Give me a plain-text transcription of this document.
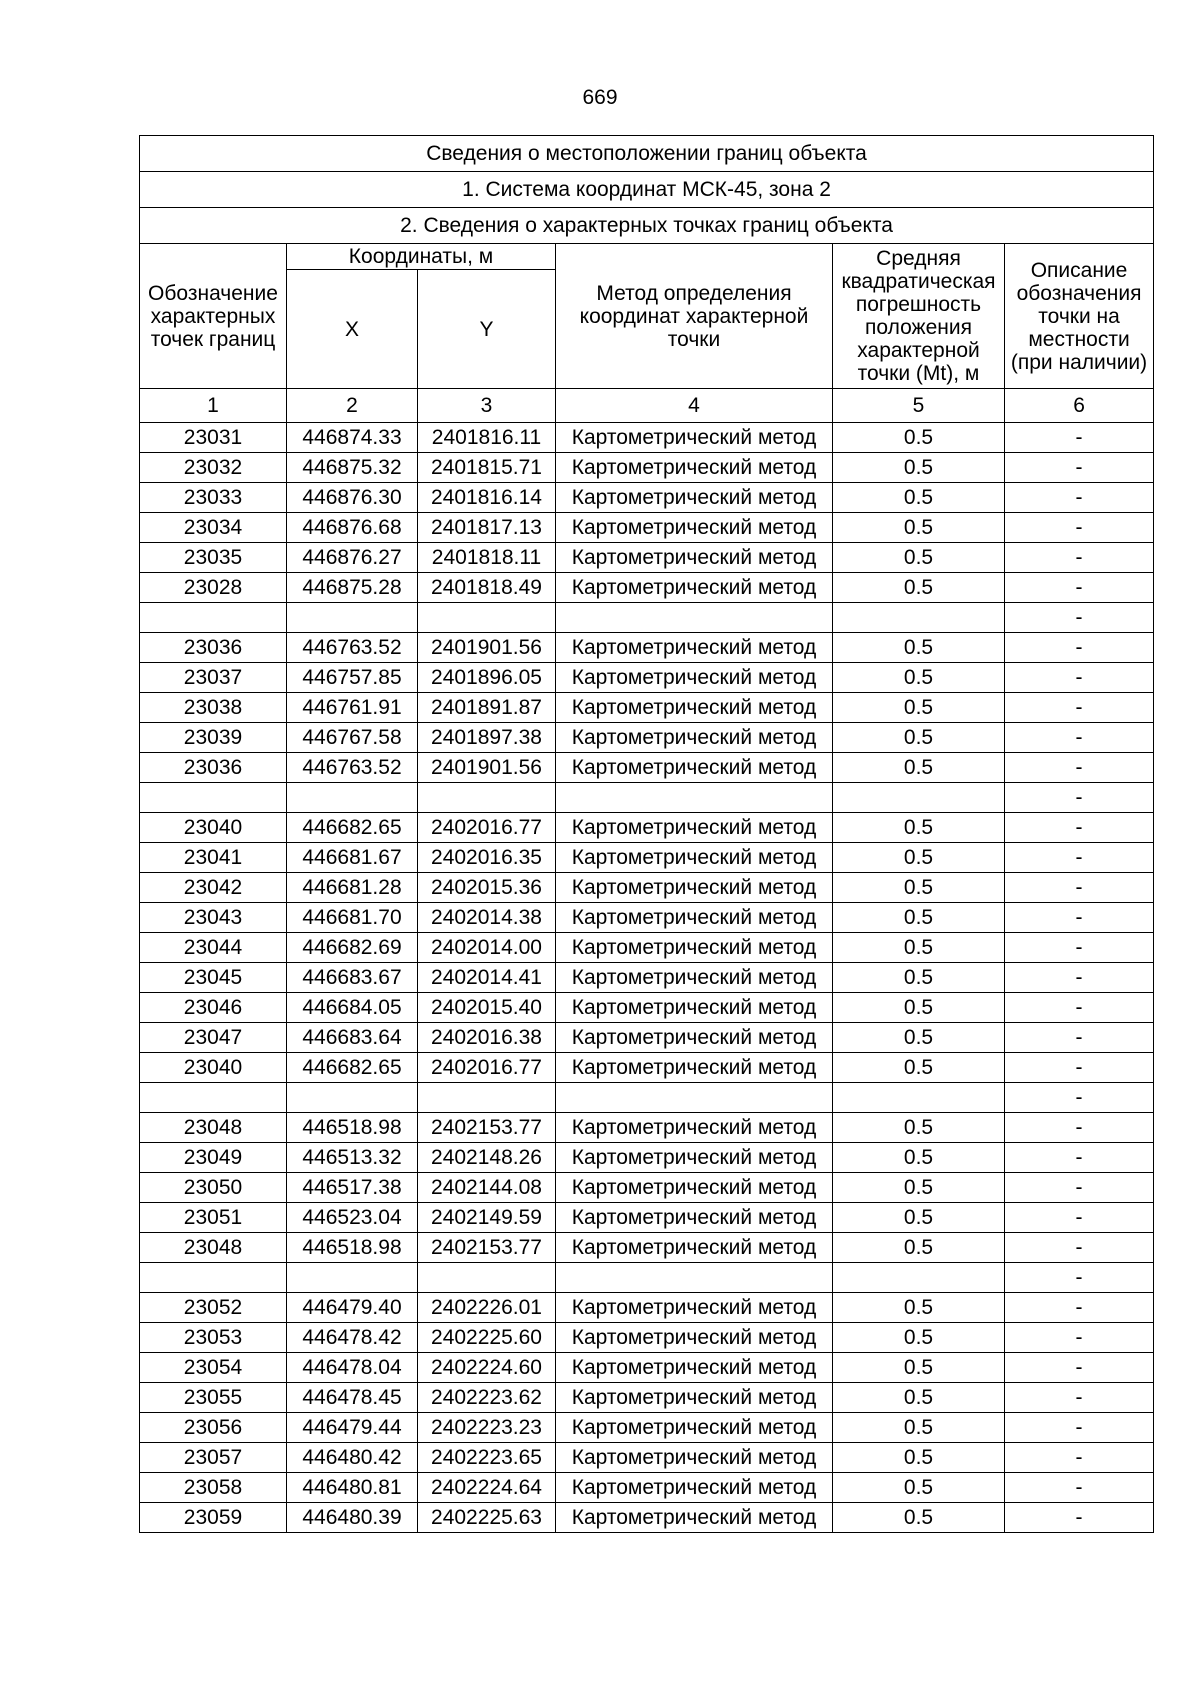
669
Сведения о местоположении границ объекта					
1. Система координат МСК-45, зона 2					
2. Сведения о характерных точках границ объекта					
Обозначение характерных точек границ	Координаты, м		Метод определения координат характерной точки	Средняя квадратическая погрешность положения характерной точки (Mt), м	Описание обозначения точки на местности (при наличии)
	X	Y			
1	2	3	4	5	6
23031	446874.33	2401816.11	Картометрический метод	0.5	-
23032	446875.32	2401815.71	Картометрический метод	0.5	-
23033	446876.30	2401816.14	Картометрический метод	0.5	-
23034	446876.68	2401817.13	Картометрический метод	0.5	-
23035	446876.27	2401818.11	Картометрический метод	0.5	-
23028	446875.28	2401818.49	Картометрический метод	0.5	-
					-
23036	446763.52	2401901.56	Картометрический метод	0.5	-
23037	446757.85	2401896.05	Картометрический метод	0.5	-
23038	446761.91	2401891.87	Картометрический метод	0.5	-
23039	446767.58	2401897.38	Картометрический метод	0.5	-
23036	446763.52	2401901.56	Картометрический метод	0.5	-
					-
23040	446682.65	2402016.77	Картометрический метод	0.5	-
23041	446681.67	2402016.35	Картометрический метод	0.5	-
23042	446681.28	2402015.36	Картометрический метод	0.5	-
23043	446681.70	2402014.38	Картометрический метод	0.5	-
23044	446682.69	2402014.00	Картометрический метод	0.5	-
23045	446683.67	2402014.41	Картометрический метод	0.5	-
23046	446684.05	2402015.40	Картометрический метод	0.5	-
23047	446683.64	2402016.38	Картометрический метод	0.5	-
23040	446682.65	2402016.77	Картометрический метод	0.5	-
					-
23048	446518.98	2402153.77	Картометрический метод	0.5	-
23049	446513.32	2402148.26	Картометрический метод	0.5	-
23050	446517.38	2402144.08	Картометрический метод	0.5	-
23051	446523.04	2402149.59	Картометрический метод	0.5	-
23048	446518.98	2402153.77	Картометрический метод	0.5	-
					-
23052	446479.40	2402226.01	Картометрический метод	0.5	-
23053	446478.42	2402225.60	Картометрический метод	0.5	-
23054	446478.04	2402224.60	Картометрический метод	0.5	-
23055	446478.45	2402223.62	Картометрический метод	0.5	-
23056	446479.44	2402223.23	Картометрический метод	0.5	-
23057	446480.42	2402223.65	Картометрический метод	0.5	-
23058	446480.81	2402224.64	Картометрический метод	0.5	-
23059	446480.39	2402225.63	Картометрический метод	0.5	-
